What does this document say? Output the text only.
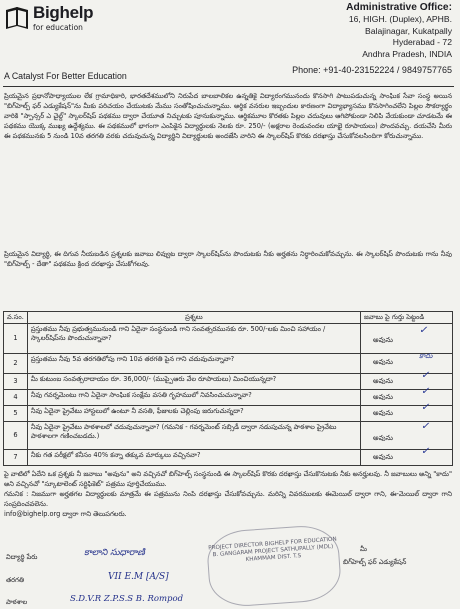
Bighelp
for education
A Catalyst For Better Education
Administrative Office:
16, HIGH. (Duplex), APHB.
Balajinagar, Kukatpally
Hyderabad - 72
Andhra Pradesh, INDIA
Phone: +91-40-23152224 / 9849757765

ప్రియమైన ప్రధానోపాధ్యాయుల లేక గ్రామాధికారి, భారతదేశములోని నిరుపేద బాలబాలికల ఉన్నతికై విద్యారంగమునందు కొనసాగి పాటుపడుచున్న సాంఘిక సేవా సంస్థ అయిన "బిగ్‌హెల్ప్ ఫర్ ఎడ్యుకేషన్"ను మీకు పరిచయం చేయుటకు మేము సంతోషించుచున్నాము. అర్థిక వనరుల ఇబ్బందుల కారణంగా విద్యాభ్యాసము కొనసాగించలేని పిల్లల సౌకర్యార్థం వారికి "స్పాన్సర్ ఎ చైల్డ్" స్కాలర్‌షిప్ పథకము ద్వారా చేయూత నిచ్చుటకు పూనుకున్నాము. ఆర్థికమూల కొరతకు పిల్లల చదువులు ఆగిపోకుండా నిలిపి వేయకుండా చూడటమే ఈ పథకము యొక్క ముఖ్య ఉద్దేశ్యము. ఈ పథకములో భాగంగా ఎంపికైన విద్యార్థులకు నెలకు రూ. 250/- (అక్షరాల రెండువందల యాభై రూపాయలు) పొందవచ్చు. దయచేసి మీరు ఈ పథకమునకు 5 నుండి 10వ తరగతి వరకు చదువుచున్న విద్యార్థిని విద్యార్థులకు అందజేసి వారిని ఈ స్కాలర్‌షిప్ కొరకు దరఖాస్తు చేసుకోవలసిందిగా కోరుచున్నాము.

ప్రియమైన విద్యార్థి, ఈ దిగువ నీయబడిన ప్రశ్నలకు జవాబు లివ్వుట ద్వారా స్కాలర్‌షిప్‌ను పొందుటకు నీకు అర్హతను నిర్ధారించుకోవచ్చును. ఈ స్కాలర్‌షిప్ పొందుటకు గాను నీవు "బిగ్‌హెల్ప్ - దేతా" పథకము క్రింద దరఖాస్తు చేసుకోగలవు.

వ.సం.	ప్రశ్నలు	జవాబు పై గుర్తు పెట్టండి
1	ప్రస్తుతము నీవు ప్రభుత్వమునుండి గాని ఏదైనా సంస్థనుండి గాని సంవత్సరమునకు రూ. 500/-లకు మించి సహాయం / స్కాలర్‌షిప్‌ను పొందుచున్నావా?	అవును
✓

2	ప్రస్తుతము నీవు 5వ తరగతిలోపు గాని 10వ తరగతి పైన గాని చదువుచున్నావా?	అవును
కాదు

3	మీ కుటుంబ సంవత్సరాదాయం రూ. 36,000/- (ముప్పైఆరు వేల రూపాయలు) మించియున్నదా?	అవును ✓

4	నీవు గవర్నమెంటు గాని ఏదైనా సాంఘిక సంక్షేమ వసతి గృహములో నివసించుచున్నావా?	అవును ✓

5	నీవు ఏదైనా ప్రైవేటు హాస్టలులో ఉంటూ నీ వసతి, ఫీజులకు చెల్లింపు జరుగుచున్నదా?	అవును ✓

6	నీవు ఏదైనా ప్రైవేటు పాఠశాలలో చదువుచున్నావా? (గమనిక - గవర్నమెంట్ సబ్సిడీ ద్వారా నడుపుచున్న పాఠశాల ప్రైవేటు పాఠశాలగా గణించబడదు.)	అవును
✓

7	నీకు గత పరీక్షలో కనీసం 40% కన్నా తక్కువ మార్కులు వచ్చినవా?	అవును ✓

పై వాటిలో ఏదేని ఒక ప్రశ్నకు నీ జవాబు "అవును" అని వచ్చినచో బిగ్‌హెల్ప్ సంస్థనుండి ఈ స్కాలర్‌షిప్ కొరకు దరఖాస్తు చేసుకొనుటకు నీకు అనర్హులవు. నీ జవాబులు అన్ని "కాదు" అని వచ్చినచో "స్కూటాలెంట్ సర్టిఫికెట్" పత్రము పూర్తిచేయుము.

గమనిక : నిజముగా అర్హతగల విద్యార్థులకు మాత్రమే ఈ పత్రమును నింపి దరఖాస్తు చేసుకోవచ్చును. మరిన్ని వివరములకు ఈమెయిల్ ద్వారా గాని, ఈ-మెయిల్ ద్వారా గాని సంప్రదించవలెను.

info@bighelp.org ద్వారా గాని తెలుపగలరు.

విద్యార్థి పేరు	కాలాని సుధారాణి
తరగతి	VII E.M [A/S]
పాఠశాల	S.D.V.R Z.P.S.S B. Rompod
PROJECT DIRECTOR BIGHELP FOR EDUCATION B. GANGARAM PROJECT SATHUPALLY (MDL) KHAMMAM DIST. T.S
మీ
బిగ్‌హెల్ప్ ఫర్ ఎడ్యుకేషన్
